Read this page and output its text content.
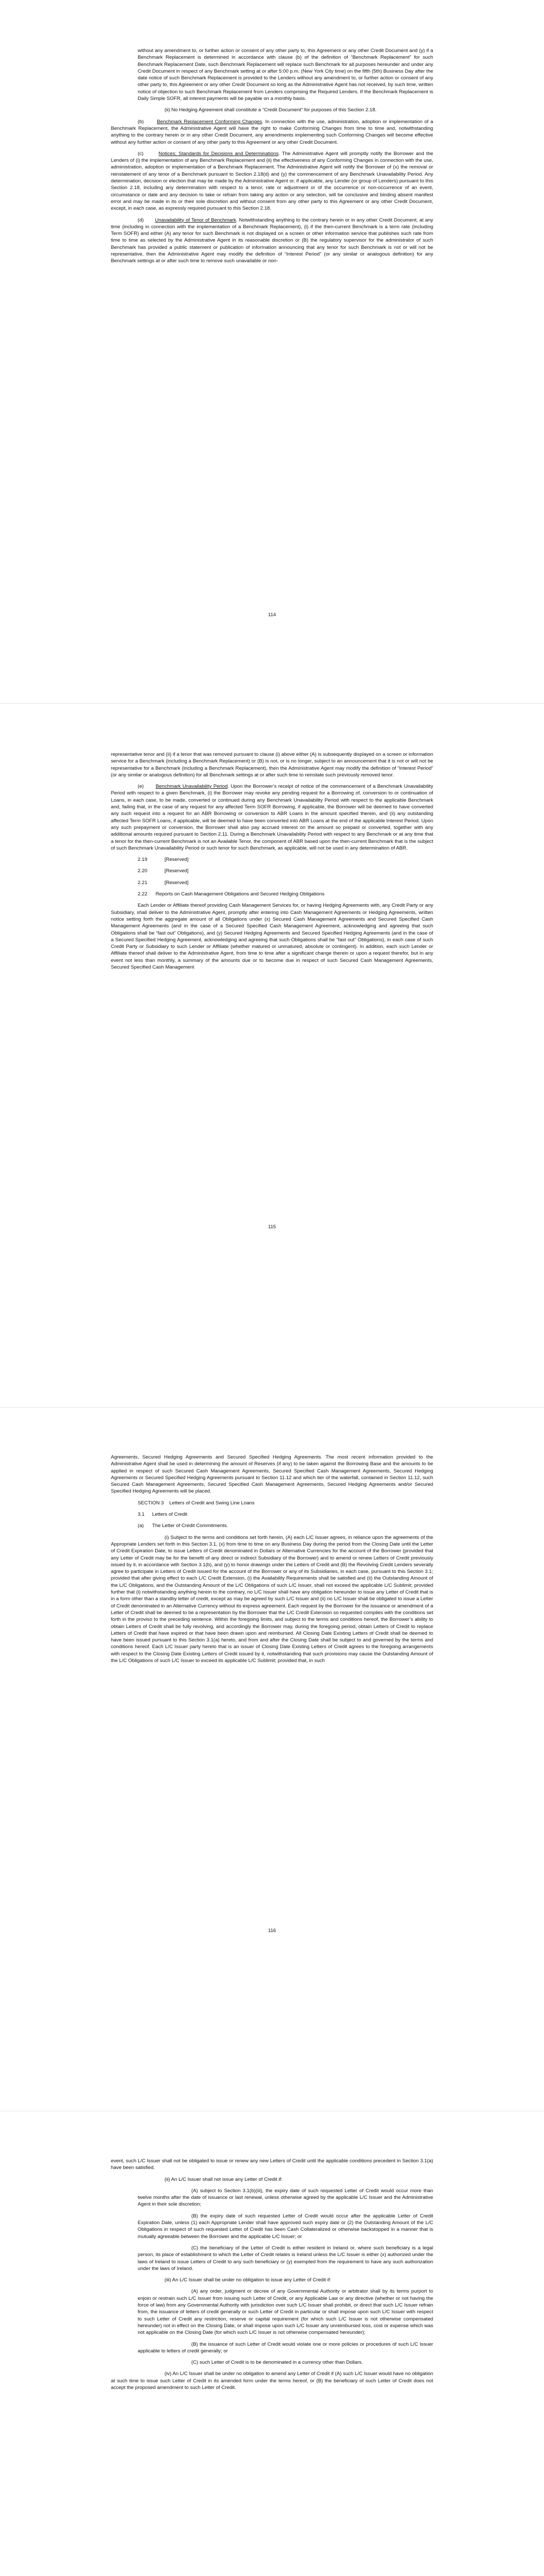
without any amendment to, or further action or consent of any other party to, this Agreement or any other Credit Document and (y) if a Benchmark Replacement is determined in accordance with clause (b) of the definition of “Benchmark Replacement” for such Benchmark Replacement Date, such Benchmark Replacement will replace such Benchmark for all purposes hereunder and under any Credit Document in respect of any Benchmark setting at or after 5:00 p.m. (New York City time) on the fifth (5th) Business Day after the date notice of such Benchmark Replacement is provided to the Lenders without any amendment to, or further action or consent of any other party to, this Agreement or any other Credit Document so long as the Administrative Agent has not received, by such time, written notice of objection to such Benchmark Replacement from Lenders comprising the Required Lenders. If the Benchmark Replacement is Daily Simple SOFR, all interest payments will be payable on a monthly basis.

(ii) No Hedging Agreement shall constitute a “Credit Document” for purposes of this Section 2.18.

(b)	Benchmark Replacement Conforming Changes. In connection with the use, administration, adoption or implementation of a Benchmark Replacement, the Administrative Agent will have the right to make Conforming Changes from time to time and, notwithstanding anything to the contrary herein or in any other Credit Document, any amendments implementing such Conforming Changes will become effective without any further action or consent of any other party to this Agreement or any other Credit Document.

(c)	Notices; Standards for Decisions and Determinations. The Administrative Agent will promptly notify the Borrower and the Lenders of (i) the implementation of any Benchmark Replacement and (ii) the effectiveness of any Conforming Changes in connection with the use, administration, adoption or implementation of a Benchmark Replacement. The Administrative Agent will notify the Borrower of (x) the removal or reinstatement of any tenor of a Benchmark pursuant to Section 2.18(d) and (y) the commencement of any Benchmark Unavailability Period. Any determination, decision or election that may be made by the Administrative Agent or, if applicable, any Lender (or group of Lenders) pursuant to this Section 2.18, including any determination with respect to a tenor, rate or adjustment or of the occurrence or non-occurrence of an event, circumstance or date and any decision to take or refrain from taking any action or any selection, will be conclusive and binding absent manifest error and may be made in its or their sole discretion and without consent from any other party to this Agreement or any other Credit Document, except, in each case, as expressly required pursuant to this Section 2.18.

(d) Unavailability of Tenor of Benchmark. Notwithstanding anything to the contrary herein or in any other Credit Document, at any time (including in connection with the implementation of a Benchmark Replacement), (i) if the then-current Benchmark is a term rate (including Term SOFR) and either (A) any tenor for such Benchmark is not displayed on a screen or other information service that publishes such rate from time to time as selected by the Administrative Agent in its reasonable discretion or (B) the regulatory supervisor for the administrator of such Benchmark has provided a public statement or publication of information announcing that any tenor for such Benchmark is not or will not be representative, then the Administrative Agent may modify the definition of “Interest Period” (or any similar or analogous definition) for any Benchmark settings at or after such time to remove such unavailable or non-

114

representative tenor and (ii) if a tenor that was removed pursuant to clause (i) above either (A) is subsequently displayed on a screen or information service for a Benchmark (including a Benchmark Replacement) or (B) is not, or is no longer, subject to an announcement that it is not or will not be representative for a Benchmark (including a Benchmark Replacement), then the Administrative Agent may modify the definition of “Interest Period” (or any similar or analogous definition) for all Benchmark settings at or after such time to reinstate such previously removed tenor.

(e) Benchmark Unavailability Period. Upon the Borrower’s receipt of notice of the commencement of a Benchmark Unavailability Period with respect to a given Benchmark, (i) the Borrower may revoke any pending request for a Borrowing of, conversion to or continuation of Loans, in each case, to be made, converted or continued during any Benchmark Unavailability Period with respect to the applicable Benchmark and, failing that, in the case of any request for any affected Term SOFR Borrowing, if applicable, the Borrower will be deemed to have converted any such request into a request for an ABR Borrowing or conversion to ABR Loans in the amount specified therein, and (ii) any outstanding affected Term SOFR Loans, if applicable, will be deemed to have been converted into ABR Loans at the end of the applicable Interest Period. Upon any such prepayment or conversion, the Borrower shall also pay accrued interest on the amount so prepaid or converted, together with any additional amounts required pursuant to Section 2.11. During a Benchmark Unavailability Period with respect to any Benchmark or at any time that a tenor for the then-current Benchmark is not an Available Tenor, the component of ABR based upon the then-current Benchmark that is the subject of such Benchmark Unavailability Period or such tenor for such Benchmark, as applicable, will not be used in any determination of ABR.

2.19	[Reserved]

2.20	[Reserved]

2.21	[Reserved]

2.22 Reports on Cash Management Obligations and Secured Hedging Obligations

Each Lender or Affiliate thereof providing Cash Management Services for, or having Hedging Agreements with, any Credit Party or any Subsidiary, shall deliver to the Administrative Agent, promptly after entering into Cash Management Agreements or Hedging Agreements, written notice setting forth the aggregate amount of all Obligations under (x) Secured Cash Management Agreements and Secured Specified Cash Management Agreements (and in the case of a Secured Specified Cash Management Agreement, acknowledging and agreeing that such Obligations shall be “fast out” Obligations), and (y) Secured Hedging Agreements and Secured Specified Hedging Agreements (and in the case of a Secured Specified Hedging Agreement, acknowledging and agreeing that such Obligations shall be “fast out” Obligations), in each case of such Credit Party or Subsidiary to such Lender or Affiliate (whether matured or unmatured, absolute or contingent). In addition, each such Lender or Affiliate thereof shall deliver to the Administrative Agent, from time to time after a significant change therein or upon a request therefor, but in any event not less than monthly, a summary of the amounts due or to become due in respect of such Secured Cash Management Agreements, Secured Specified Cash Management

115

Agreements, Secured Hedging Agreements and Secured Specified Hedging Agreements. The most recent information provided to the Administrative Agent shall be used in determining the amount of Reserves (if any) to be taken against the Borrowing Base and the amounts to be applied in respect of such Secured Cash Management Agreements, Secured Specified Cash Management Agreements, Secured Hedging Agreements or Secured Specified Hedging Agreements pursuant to Section 11.12 and which tier of the waterfall, contained in Section 11.12, such Secured Cash Management Agreements, Secured Specified Cash Management Agreements, Secured Hedging Agreements and/or Secured Specified Hedging Agreements will be placed.

SECTION 3 Letters of Credit and Swing Line Loans

3.1 Letters of Credit

(a) The Letter of Credit Commitments.

(i) Subject to the terms and conditions set forth herein, (A) each L/C Issuer agrees, in reliance upon the agreements of the Appropriate Lenders set forth in this Section 3.1, (x) from time to time on any Business Day during the period from the Closing Date until the Letter of Credit Expiration Date, to issue Letters of Credit denominated in Dollars or Alternative Currencies for the account of the Borrower (provided that any Letter of Credit may be for the benefit of any direct or indirect Subsidiary of the Borrower) and to amend or renew Letters of Credit previously issued by it, in accordance with Section 3.1(b), and (y) to honor drawings under the Letters of Credit and (B) the Revolving Credit Lenders severally agree to participate in Letters of Credit issued for the account of the Borrower or any of its Subsidiaries, in each case, pursuant to this Section 3.1; provided that after giving effect to each L/C Credit Extension, (i) the Availability Requirements shall be satisfied and (ii) the Outstanding Amount of the L/C Obligations, and the Outstanding Amount of the L/C Obligations of such L/C Issuer, shall not exceed the applicable L/C Sublimit; provided further that (i) notwithstanding anything herein to the contrary, no L/C Issuer shall have any obligation hereunder to issue any Letter of Credit that is in a form other than a standby letter of credit, except as may be agreed by such L/C Issuer and (ii) no L/C Issuer shall be obligated to issue a Letter of Credit denominated in an Alternative Currency without its express agreement. Each request by the Borrower for the issuance or amendment of a Letter of Credit shall be deemed to be a representation by the Borrower that the L/C Credit Extension so requested complies with the conditions set forth in the proviso to the preceding sentence. Within the foregoing limits, and subject to the terms and conditions hereof, the Borrower’s ability to obtain Letters of Credit shall be fully revolving, and accordingly the Borrower may, during the foregoing period, obtain Letters of Credit to replace Letters of Credit that have expired or that have been drawn upon and reimbursed. All Closing Date Existing Letters of Credit shall be deemed to have been issued pursuant to this Section 3.1(a) hereto, and from and after the Closing Date shall be subject to and governed by the terms and conditions hereof. Each L/C Issuer party hereto that is an issuer of Closing Date Existing Letters of Credit agrees to the foregoing arrangements with respect to the Closing Date Existing Letters of Credit issued by it, notwithstanding that such provisions may cause the Outstanding Amount of the L/C Obligations of such L/C Issuer to exceed its applicable L/C Sublimit; provided that, in such

116

event, such L/C Issuer shall not be obligated to issue or renew any new Letters of Credit until the applicable conditions precedent in Section 3.1(a) have been satisfied.

(ii) An L/C Issuer shall not issue any Letter of Credit if:

(A) subject to Section 3.1(b)(iii), the expiry date of such requested Letter of Credit would occur more than twelve months after the date of issuance or last renewal, unless otherwise agreed by the applicable L/C Issuer and the Administrative Agent in their sole discretion;

(B) the expiry date of such requested Letter of Credit would occur after the applicable Letter of Credit Expiration Date, unless (1) each Appropriate Lender shall have approved such expiry date or (2) the Outstanding Amount of the L/C Obligations in respect of such requested Letter of Credit has been Cash Collateralized or otherwise backstopped in a manner that is mutually agreeable between the Borrower and the applicable L/C Issuer; or

(C) the beneficiary of the Letter of Credit is either resident in Ireland or, where such beneficiary is a legal person, its place of establishment to which the Letter of Credit relates is Ireland unless the L/C Issuer is either (x) authorized under the laws of Ireland to issue Letters of Credit to any such beneficiary or (y) exempted from the requirement to have any such authorization under the laws of Ireland.

(iii) An L/C Issuer shall be under no obligation to issue any Letter of Credit if:

(A) any order, judgment or decree of any Governmental Authority or arbitrator shall by its terms purport to enjoin or restrain such L/C Issuer from issuing such Letter of Credit, or any Applicable Law or any directive (whether or not having the force of law) from any Governmental Authority with jurisdiction over such L/C Issuer shall prohibit, or direct that such L/C Issuer refrain from, the issuance of letters of credit generally or such Letter of Credit in particular or shall impose upon such L/C Issuer with respect to such Letter of Credit any restriction, reserve or capital requirement (for which such L/C Issuer is not otherwise compensated hereunder) not in effect on the Closing Date, or shall impose upon such L/C Issuer any unreimbursed loss, cost or expense which was not applicable on the Closing Date (for which such L/C Issuer is not otherwise compensated hereunder);

(B) the issuance of such Letter of Credit would violate one or more policies or procedures of such L/C Issuer applicable to letters of credit generally; or

(C) such Letter of Credit is to be denominated in a currency other than Dollars.

(iv) An L/C Issuer shall be under no obligation to amend any Letter of Credit if (A) such L/C Issuer would have no obligation at such time to issue such Letter of Credit in its amended form under the terms hereof, or (B) the beneficiary of such Letter of Credit does not accept the proposed amendment to such Letter of Credit.
